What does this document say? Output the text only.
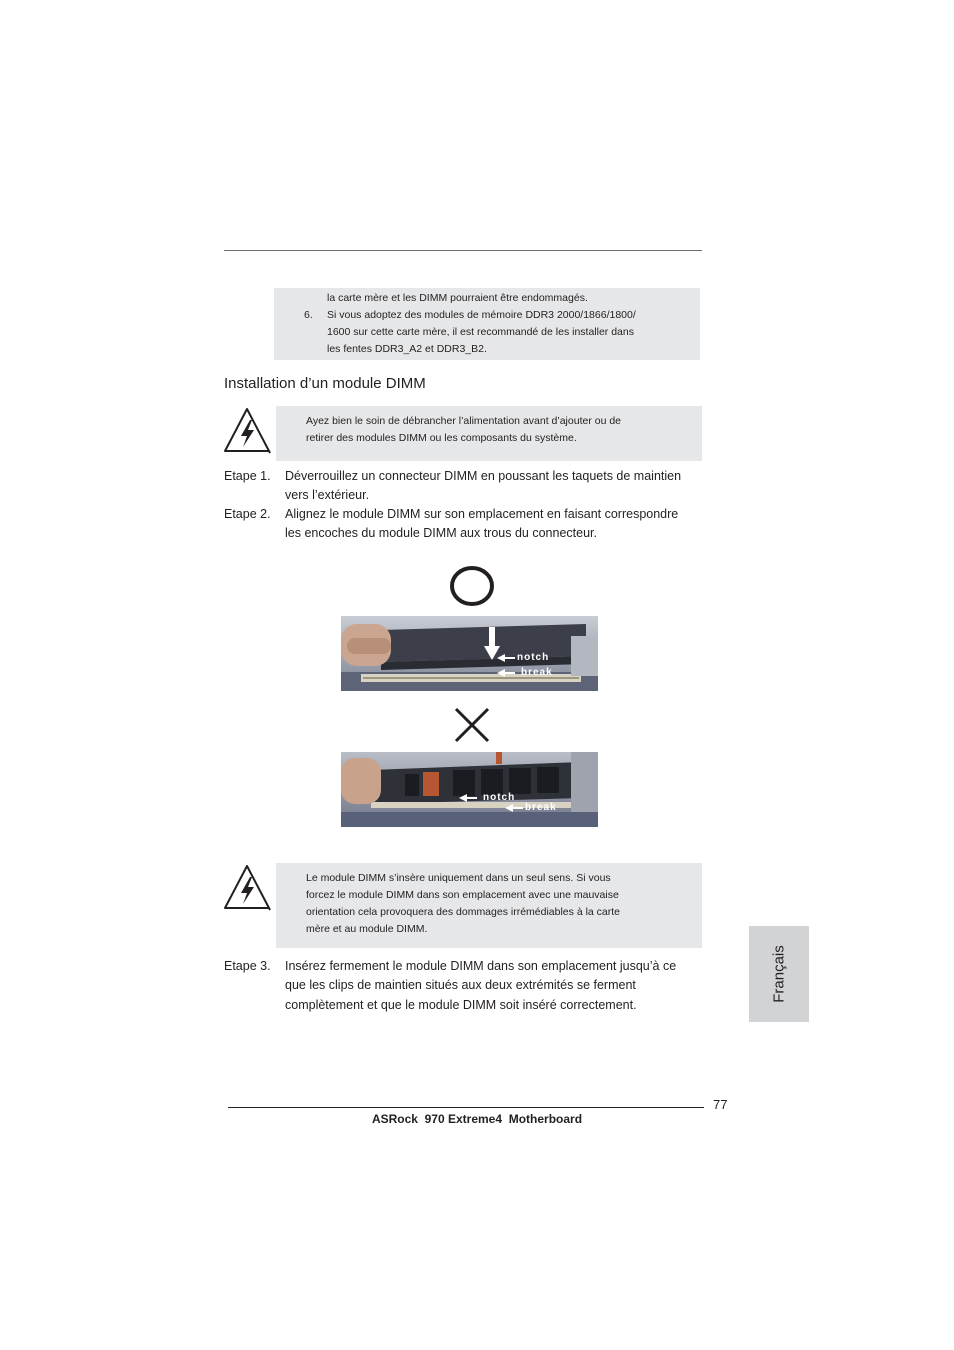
la carte mère et les DIMM pourraient être endommagés.
6. Si vous adoptez des modules de mémoire DDR3 2000/1866/1800/
1600 sur cette carte mère, il est recommandé de les installer dans
les fentes DDR3_A2 et DDR3_B2.
Installation d’un module DIMM
Ayez bien le soin de débrancher l’alimentation avant d’ajouter ou de
retirer des modules DIMM ou les composants du système.
Etape 1. Déverrouillez un connecteur DIMM en poussant les taquets de maintien
vers l’extérieur.
Etape 2. Alignez le module DIMM sur son emplacement en faisant correspondre
les encoches du module DIMM aux trous du connecteur.
notch
break
notch
break
Le module DIMM s’insère uniquement dans un seul sens. Si vous
forcez le module DIMM dans son emplacement avec une mauvaise
orientation cela provoquera des dommages irrémédiables à la carte
mère et au module DIMM.
Etape 3. Insérez fermement le module DIMM dans son emplacement jusqu’à ce
que les clips de maintien situés aux deux extrémités se ferment
complètement et que le module DIMM soit inséré correctement.
Français
77
ASRock  970 Extreme4  Motherboard
